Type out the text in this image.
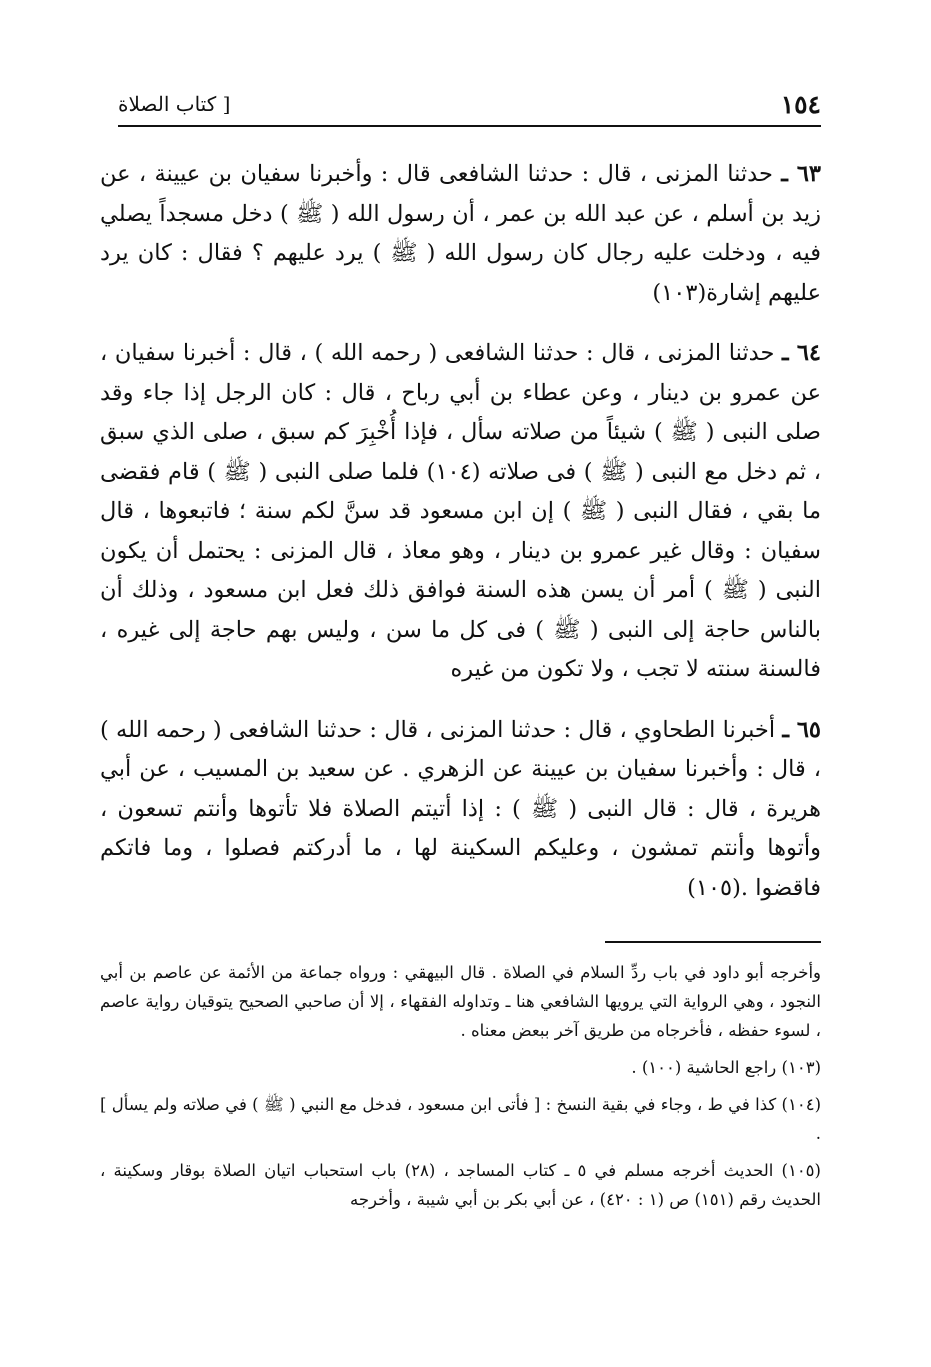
١٥٤
[ كتاب الصلاة

٦٣ ـ حدثنا المزنى ، قال : حدثنا الشافعى قال : وأخبرنا سفيان بن عيينة ، عن زيد بن أسلم ، عن عبد الله بن عمر ، أن رسول الله ( ﷺ ) دخل مسجداً يصلي فيه ، ودخلت عليه رجال كان رسول الله ( ﷺ ) يرد عليهم ؟ فقال : كان يرد عليهم إشارة(١٠٣)

٦٤ ـ حدثنا المزنى ، قال : حدثنا الشافعى ( رحمه الله ) ، قال : أخبرنا سفيان ، عن عمرو بن دينار ، وعن عطاء بن أبي رباح ، قال : كان الرجل إذا جاء وقد صلى النبى ( ﷺ ) شيئاً من صلاته سأل ، فإذا أُخْبِرَ كم سبق ، صلى الذي سبق ، ثم دخل مع النبى ( ﷺ ) فى صلاته (١٠٤) فلما صلى النبى ( ﷺ ) قام فقضى ما بقي ، فقال النبى ( ﷺ ) إن ابن مسعود قد سنَّ لكم سنة ؛ فاتبعوها ، قال سفيان : وقال غير عمرو بن دينار ، وهو معاذ ، قال المزنى : يحتمل أن يكون النبى ( ﷺ ) أمر أن يسن هذه السنة فوافق ذلك فعل ابن مسعود ، وذلك أن بالناس حاجة إلى النبى ( ﷺ ) فى كل ما سن ، وليس بهم حاجة إلى غيره ، فالسنة سنته لا تجب ، ولا تكون من غيره

٦٥ ـ أخبرنا الطحاوي ، قال : حدثنا المزنى ، قال : حدثنا الشافعى ( رحمه الله ) ، قال : وأخبرنا سفيان بن عيينة عن الزهري . عن سعيد بن المسيب ، عن أبي هريرة ، قال : قال النبى ( ﷺ ) : إذا أتيتم الصلاة فلا تأتوها وأنتم تسعون ، وأتوها وأنتم تمشون ، وعليكم السكينة لها ، ما أدركتم فصلوا ، وما فاتكم فاقضوا .(١٠٥)

وأخرجه أبو داود في باب ردِّ السلام في الصلاة . قال البيهقي : ورواه جماعة من الأئمة عن عاصم بن أبي النجود ، وهي الرواية التي يرويها الشافعي هنا ـ وتداوله الفقهاء ، إلا أن صاحبي الصحيح يتوقيان رواية عاصم ، لسوء حفظه ، فأخرجاه من طريق آخر ببعض معناه .

(١٠٣) راجع الحاشية (١٠٠) .

(١٠٤) كذا في ط ، وجاء في بقية النسخ : [ فأتى ابن مسعود ، فدخل مع النبي ( ﷺ ) في صلاته ولم يسأل ] .

(١٠٥) الحديث أخرجه مسلم في ٥ ـ كتاب المساجد ، (٢٨) باب استحباب اتيان الصلاة بوقار وسكينة ، الحديث رقم (١٥١) ص (١ : ٤٢٠) ، عن أبي بكر بن أبي شيبة ، وأخرجه
